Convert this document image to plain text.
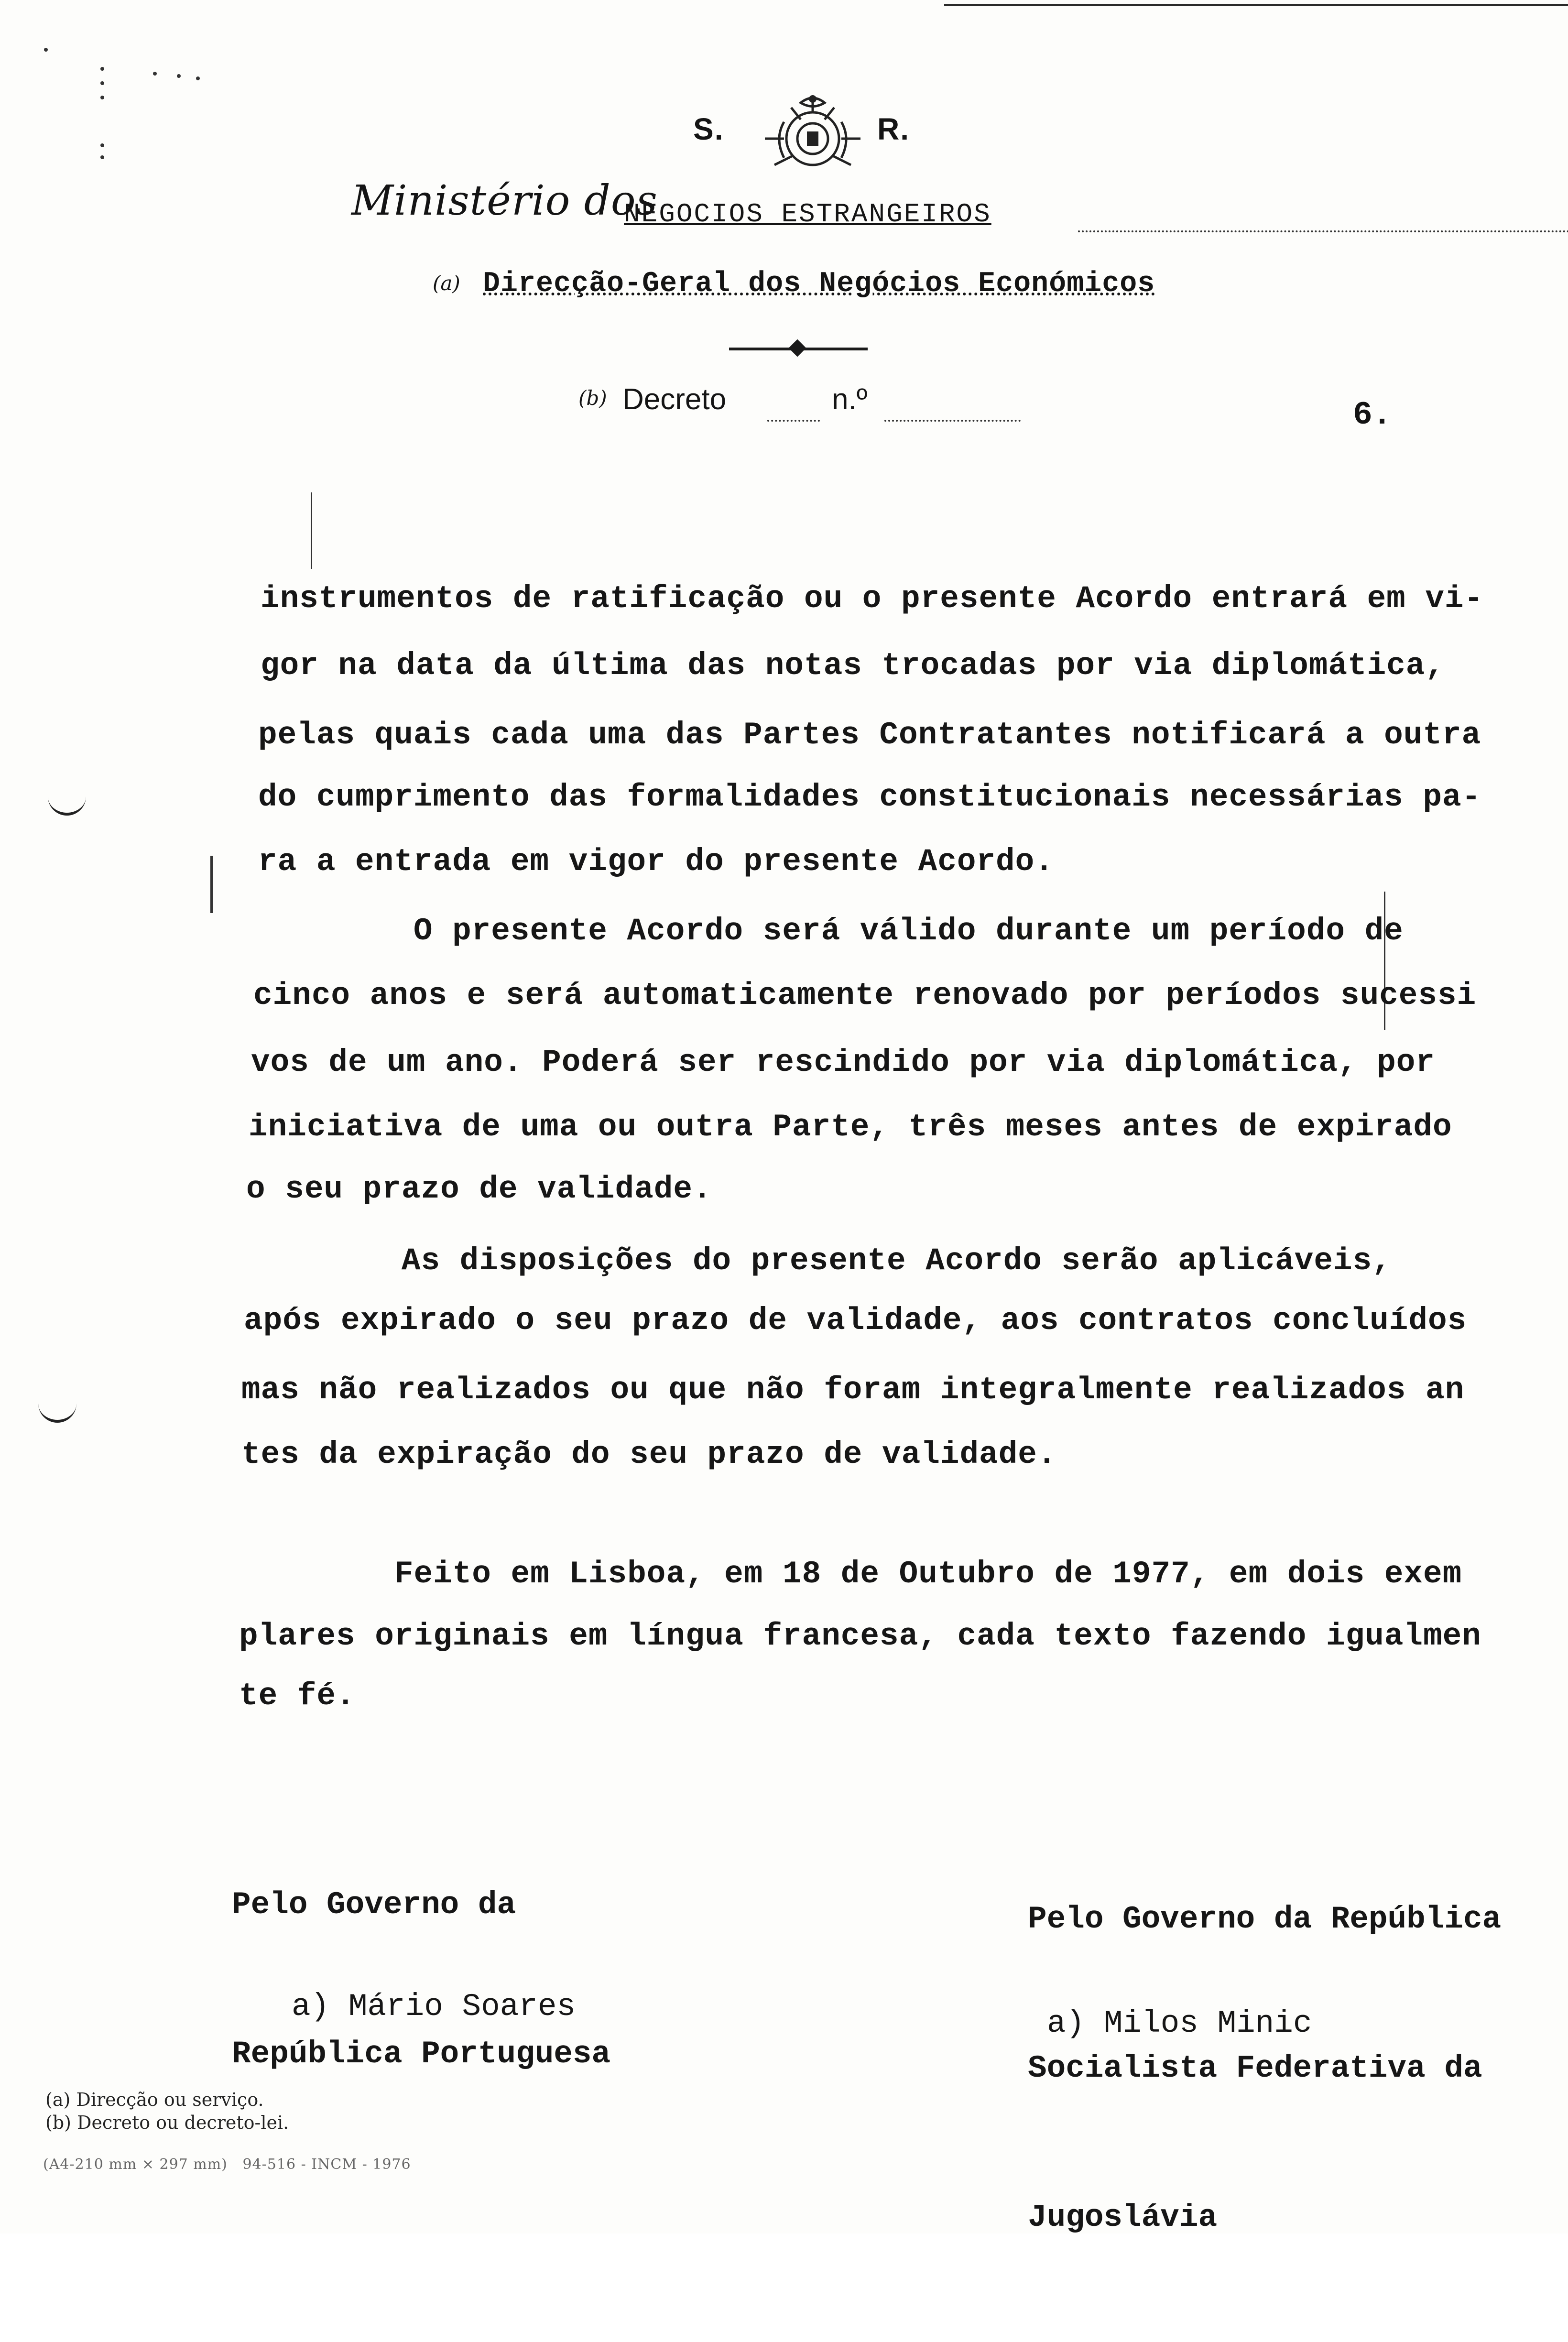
S.	R.
Ministério dos
NEGOCIOS ESTRANGEIROS
(a) Direcção-Geral dos Negócios Económicos
(b) Decreto	n.º	6.
instrumentos de ratificação ou o presente Acordo entrará em vi-
gor na data da última das notas trocadas por via diplomática,
pelas quais cada uma das Partes Contratantes notificará a outra
do cumprimento das formalidades constitucionais necessárias pa-
ra a entrada em vigor do presente Acordo.
O presente Acordo será válido durante um período de
cinco anos e será automaticamente renovado por períodos sucessi
vos de um ano. Poderá ser rescindido por via diplomática, por
iniciativa de uma ou outra Parte, três meses antes de expirado
o seu prazo de validade.
As disposições do presente Acordo serão aplicáveis,
após expirado o seu prazo de validade, aos contratos concluídos
mas não realizados ou que não foram integralmente realizados an
tes da expiração do seu prazo de validade.
Feito em Lisboa, em 18 de Outubro de 1977, em dois exem
plares originais em língua francesa, cada texto fazendo igualmen
te fé.

Pelo Governo da

República Portuguesa

Pelo Governo da República

Socialista Federativa da

Jugoslávia

a) Mário Soares	a) Milos Minic
(a) Direcção ou serviço.
(b) Decreto ou decreto-lei.
(A4-210 mm × 297 mm)   94-516 - INCM - 1976
